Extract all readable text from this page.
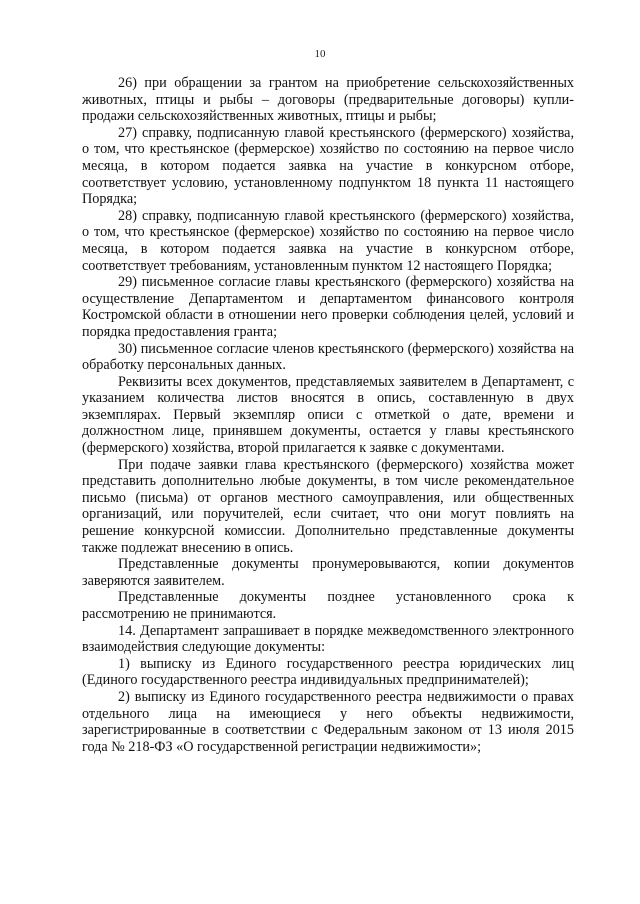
10

26) при обращении за грантом на приобретение сельскохозяйственных животных, птицы и рыбы – договоры (предварительные договоры) купли-продажи сельскохозяйственных животных, птицы и рыбы;

27) справку, подписанную главой крестьянского (фермерского) хозяйства, о том, что крестьянское (фермерское) хозяйство по состоянию на первое число месяца, в котором подается заявка на участие в конкурсном отборе, соответствует условию, установленному подпунктом 18 пункта 11 настоящего Порядка;

28) справку, подписанную главой крестьянского (фермерского) хозяйства, о том, что крестьянское (фермерское) хозяйство по состоянию на первое число месяца, в котором подается заявка на участие в конкурсном отборе, соответствует требованиям, установленным пунктом 12 настоящего Порядка;

29) письменное согласие главы крестьянского (фермерского) хозяйства на осуществление Департаментом и департаментом финансового контроля Костромской области в отношении него проверки соблюдения целей, условий и порядка предоставления гранта;

30) письменное согласие членов крестьянского (фермерского) хозяйства на обработку персональных данных.

Реквизиты всех документов, представляемых заявителем в Департамент, с указанием количества листов вносятся в опись, составленную в двух экземплярах. Первый экземпляр описи с отметкой о дате, времени и должностном лице, принявшем документы, остается у главы крестьянского (фермерского) хозяйства, второй прилагается к заявке с документами.

При подаче заявки глава крестьянского (фермерского) хозяйства может представить дополнительно любые документы, в том числе рекомендательное письмо (письма) от органов местного самоуправления, или общественных организаций, или поручителей, если считает, что они могут повлиять на решение конкурсной комиссии. Дополнительно представленные документы также подлежат внесению в опись.

Представленные документы пронумеровываются, копии документов заверяются заявителем.

Представленные документы позднее установленного срока к рассмотрению не принимаются.

14. Департамент запрашивает в порядке межведомственного электронного взаимодействия следующие документы:

1) выписку из Единого государственного реестра юридических лиц (Единого государственного реестра индивидуальных предпринимателей);

2) выписку из Единого государственного реестра недвижимости о правах отдельного лица на имеющиеся у него объекты недвижимости, зарегистрированные в соответствии с Федеральным законом от 13 июля 2015 года № 218-ФЗ «О государственной регистрации недвижимости»;
